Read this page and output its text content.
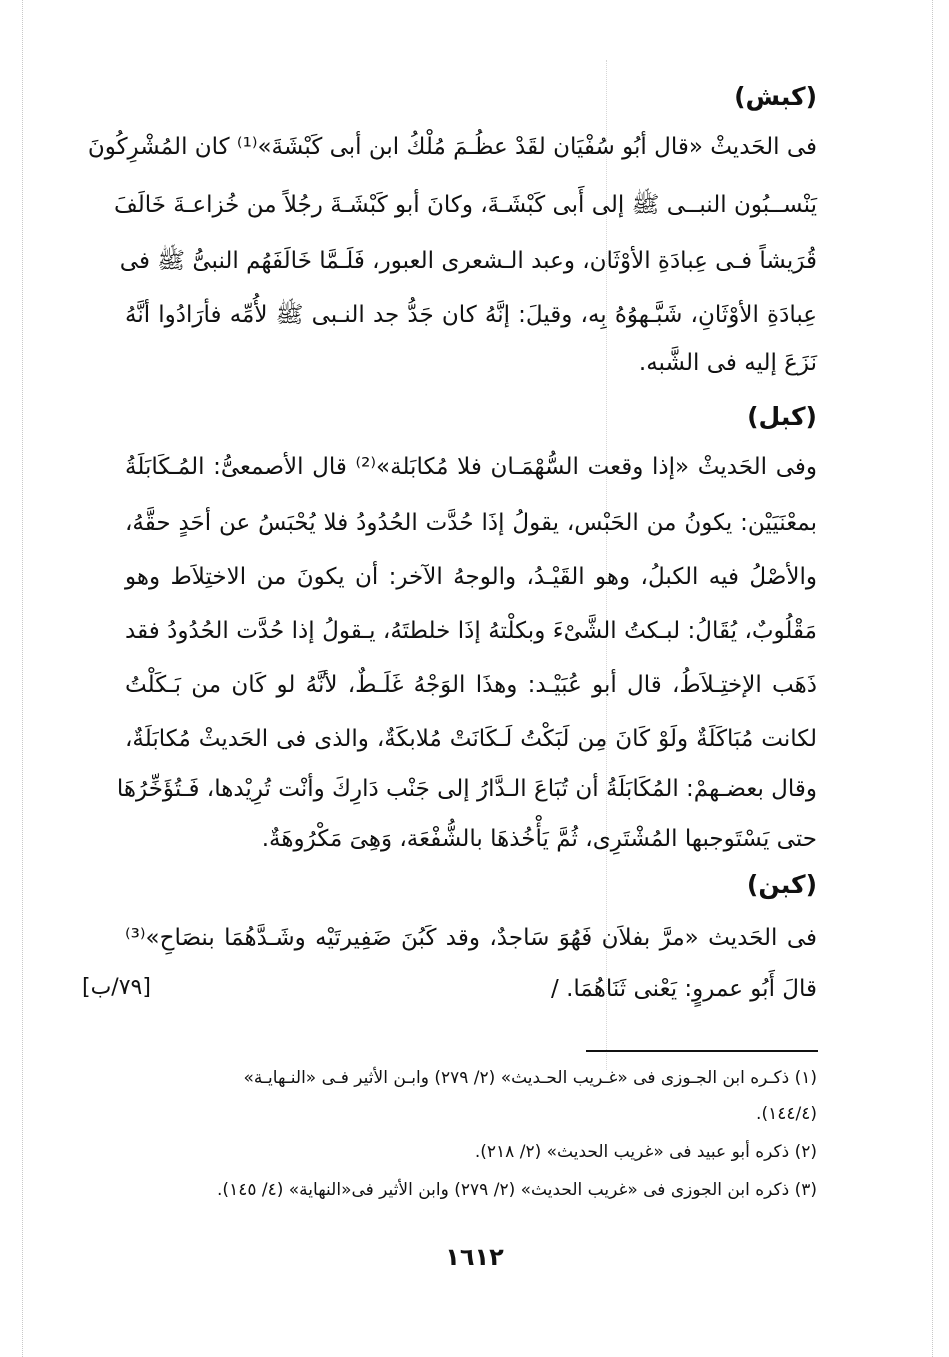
(كبش)
فى الحَديثْ «قال أبُو سُفْيَان لقَدْ عظُـمَ مُلْكُ ابن أبى كَبْشَةَ»⁽¹⁾ كان المُشْرِكُونَ
يَنْســبُون النبــى ﷺ إلى أَبى كَبْشَـةَ، وكانَ أبو كَبْشَـةَ رجُلاً من خُزاعـةَ خَالَفَ
قُرَيشاً فـى عِبادَةِ الأوْثَان، وعبد الـشعرى العبور، فَلَـمَّا خَالَفَهُم النبىُّ ﷺ فى
عِبادَةِ الأوْثَانِ، شَبَّـهوُهُ بِه، وقيلَ: إنَّهُ كان جَدُّ جد النـبى ﷺ لأُمِّه فأرَادُوا أنَّهُ
نَزَعَ إليه فى الشَّبه.
(كبل)
وفى الحَديثْ «إذا وقعت السُّهْمَـان فلا مُكابَلة»⁽²⁾ قال الأصمعىُّ: المُـكَابَلَةُ
بمعْنَيَيْن: يكونُ من الحَبْس، يقولُ إذَا حُدَّت الحُدُودُ فلا يُحْبَسُ عن أحَدٍ حقَّهُ،
والأصْلُ فيه الكبلُ، وهو القَيْـدُ، والوجهُ الآخر: أن يكونَ من الاختِلاَط وهو
مَقْلُوبٌ، يُقَالُ: لبـكتُ الشَّىْءَ وبكلْتهُ إذَا خلطتَهُ، يـقولُ إذا حُدَّت الحُدُودُ فقد
ذَهَب الإختِـلاَطُ، قال أبو عُبَيْـد: وهذَا الوَجْهُ غَلَـطٌ، لأنَّهُ لو كَان من بَـكَلْتُ
لكانت مُبَاكَلَةٌ ولَوْ كَانَ مِن لَبَكْتُ لَـكَانَتْ مُلابكَةٌ، والذى فى الحَديثْ مُكابَلَةٌ،
وقال بعضـهمْ: المُكَابَلَةُ أن تُبَاعَ الـدَّارُ إلى جَنْب دَارِكَ وأنْت تُرِيْدها، فَـتُؤَخِّرُهَا
حتى يَسْتَوجبها المُشْتَرِى، ثُمَّ يَأْخُذهَا بالشُّفْعَة، وَهِىَ مَكْرُوهَةٌ.
(كبن)
فى الحَديث «مرَّ بفلاَن فَهُوَ سَاجدٌ، وقد كَبُنَ ضَفِيرتَيْه وشَـدَّهُمَا بنصَاحِ»⁽³⁾
قالَ أَبُو عمروٍ: يَعْنى ثَنَاهُمَا. /
[٧٩/ب]
(١) ذكـره ابن الجـوزى فى «غـريب الحـديث» (٢/ ٢٧٩) وابـن الأثير فـى «النـهايـة»
(١٤٤/٤).
(٢) ذكره أبو عبيد فى «غريب الحديث» (٢/ ٢١٨).
(٣) ذكره ابن الجوزى فى «غريب الحديث» (٢/ ٢٧٩) وابن الأثير فى«النهاية» (٤/ ١٤٥).
١٦١٢
